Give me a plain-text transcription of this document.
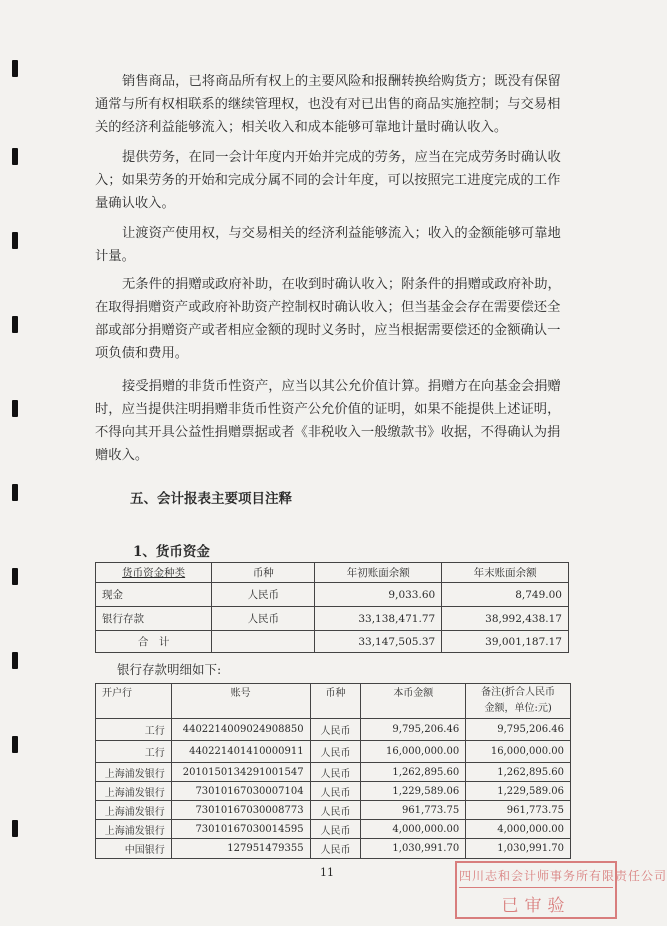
销售商品，已将商品所有权上的主要风险和报酬转换给购货方；既没有保留
通常与所有权相联系的继续管理权，也没有对已出售的商品实施控制；与交易相
关的经济利益能够流入；相关收入和成本能够可靠地计量时确认收入。

提供劳务，在同一会计年度内开始并完成的劳务，应当在完成劳务时确认收
入；如果劳务的开始和完成分属不同的会计年度，可以按照完工进度完成的工作
量确认收入。

让渡资产使用权，与交易相关的经济利益能够流入；收入的金额能够可靠地
计量。

无条件的捐赠或政府补助，在收到时确认收入；附条件的捐赠或政府补助，
在取得捐赠资产或政府补助资产控制权时确认收入；但当基金会存在需要偿还全
部或部分捐赠资产或者相应金额的现时义务时，应当根据需要偿还的金额确认一
项负债和费用。

接受捐赠的非货币性资产，应当以其公允价值计算。捐赠方在向基金会捐赠
时，应当提供注明捐赠非货币性资产公允价值的证明，如果不能提供上述证明，
不得向其开具公益性捐赠票据或者《非税收入一般缴款书》收据，不得确认为捐
赠收入。

五、会计报表主要项目注释
1、货币资金
货币资金种类	币种	年初账面余额	年末账面余额
现金	人民币	9,033.60	8,749.00
银行存款	人民币	33,138,471.77	38,992,438.17
合　计		33,147,505.37	39,001,187.17
银行存款明细如下:
开户行	账号	币种	本币金额	备注(折合人民币
金额，单位:元)
工行	4402214009024908850	人民币	9,795,206.46	9,795,206.46
工行	440221401410000911	人民币	16,000,000.00	16,000,000.00
上海浦发银行	2010150134291001547	人民币	1,262,895.60	1,262,895.60
上海浦发银行	73010167030007104	人民币	1,229,589.06	1,229,589.06
上海浦发银行	73010167030008773	人民币	961,773.75	961,773.75
上海浦发银行	73010167030014595	人民币	4,000,000.00	4,000,000.00
中国银行	127951479355	人民币	1,030,991.70	1,030,991.70
11	四川志和会计师事务所有限责任公司
已审验
